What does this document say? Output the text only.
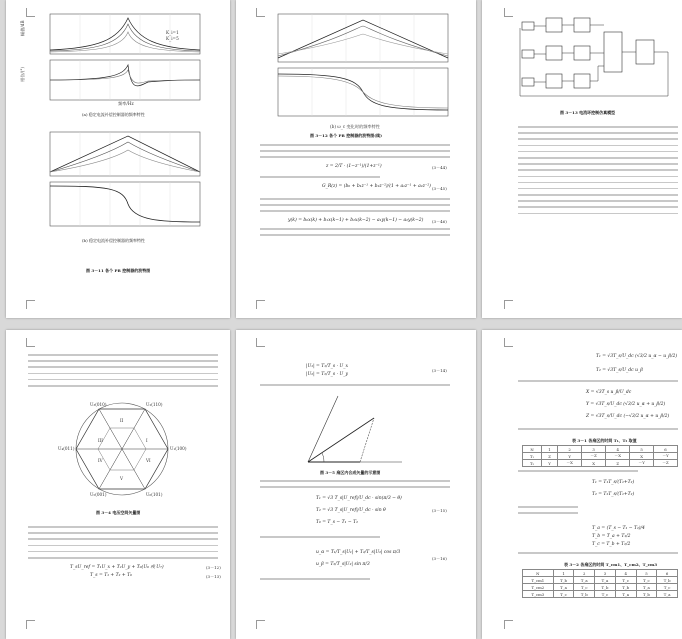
幅值/dB
相位/(°)
频率/Hz
K_i=1
K_i=5
(a) 稳定电流补偿控制器的频率特性
(b) 稳定电流补偿控制器的频率特性
图 3－11 各个 PR 控制器的波特图
(b) ω_c 变化时的频率特性
图 3－12 各个 PR 控制器的波特图(续)
z = 2/T · (1−z⁻¹)/(1+z⁻¹)	(3－44)
G_R(z) = (b₀ + b₁z⁻¹ + b₂z⁻²)/(1 + a₁z⁻¹ + a₂z⁻²) (3－45)
y(k) = b₀x(k) + b₁x(k−1) + b₂x(k−2) − a₁y(k−1) − a₂y(k−2) (3－46)
图 3－13 电流环控制仿真模型
I
II
III
IV
V
VI
U₁(100)
U₂(110)
U₃(010)
U₄(011)
U₅(001)	U₆(101)
图 3－4 电压空间矢量图
T_sU_ref = T₁U_x + T₂U_y + T₀(U₀ 或 U₇)	(3－12)
T_s = T₁ + T₂ + T₀	(3－13)
|U₁| = T₁/T_s · U_x
|U₂| = T₂/T_s · U_y
(3－14)
图 3－5 扇区内合成矢量的示意图
T₁ = √3 T_s|U_ref|/U_dc · sin(π/3 − θ)
T₂ = √3 T_s|U_ref|/U_dc · sin θ
T₀ = T_s − T₁ − T₂
(3－15)
u_α = T₁/T_s|U₁| + T₂/T_s|U₂| cos π/3
u_β = T₂/T_s|U₂| sin π/3
(3－16)
T₁ = √3T_s/U_dc (√3/2 u_α − u_β/2)
T₂ = √3T_s/U_dc u_β
X = √3T_s u_β/U_dc
Y = √3T_s/U_dc (√3/2 u_α + u_β/2)
Z = √3T_s/U_dc (−√3/2 u_α + u_β/2)
表 3－1 各扇区的时间 T₁、T₂ 取值
N	1	2	3	4	5	6
T₁	Z	Y	－Z	－X	X	－Y
T₂	Y	－X	X	Z	－Y	－Z
T₁ = T₁T_s/(T₁+T₂)
T₂ = T₂T_s/(T₁+T₂)
T_a = (T_s − T₁ − T₂)/4
T_b = T_a + T₁/2
T_c = T_b + T₂/2
表 3－2 各扇区的时间 T_cm1、T_cm2、T_cm3
N	1	2	3	4	5	6
T_cm1	T_b	T_a	T_a	T_c	T_c	T_b
T_cm2	T_a	T_c	T_b	T_b	T_a	T_c
T_cm3	T_c	T_b	T_c	T_a	T_b	T_a
